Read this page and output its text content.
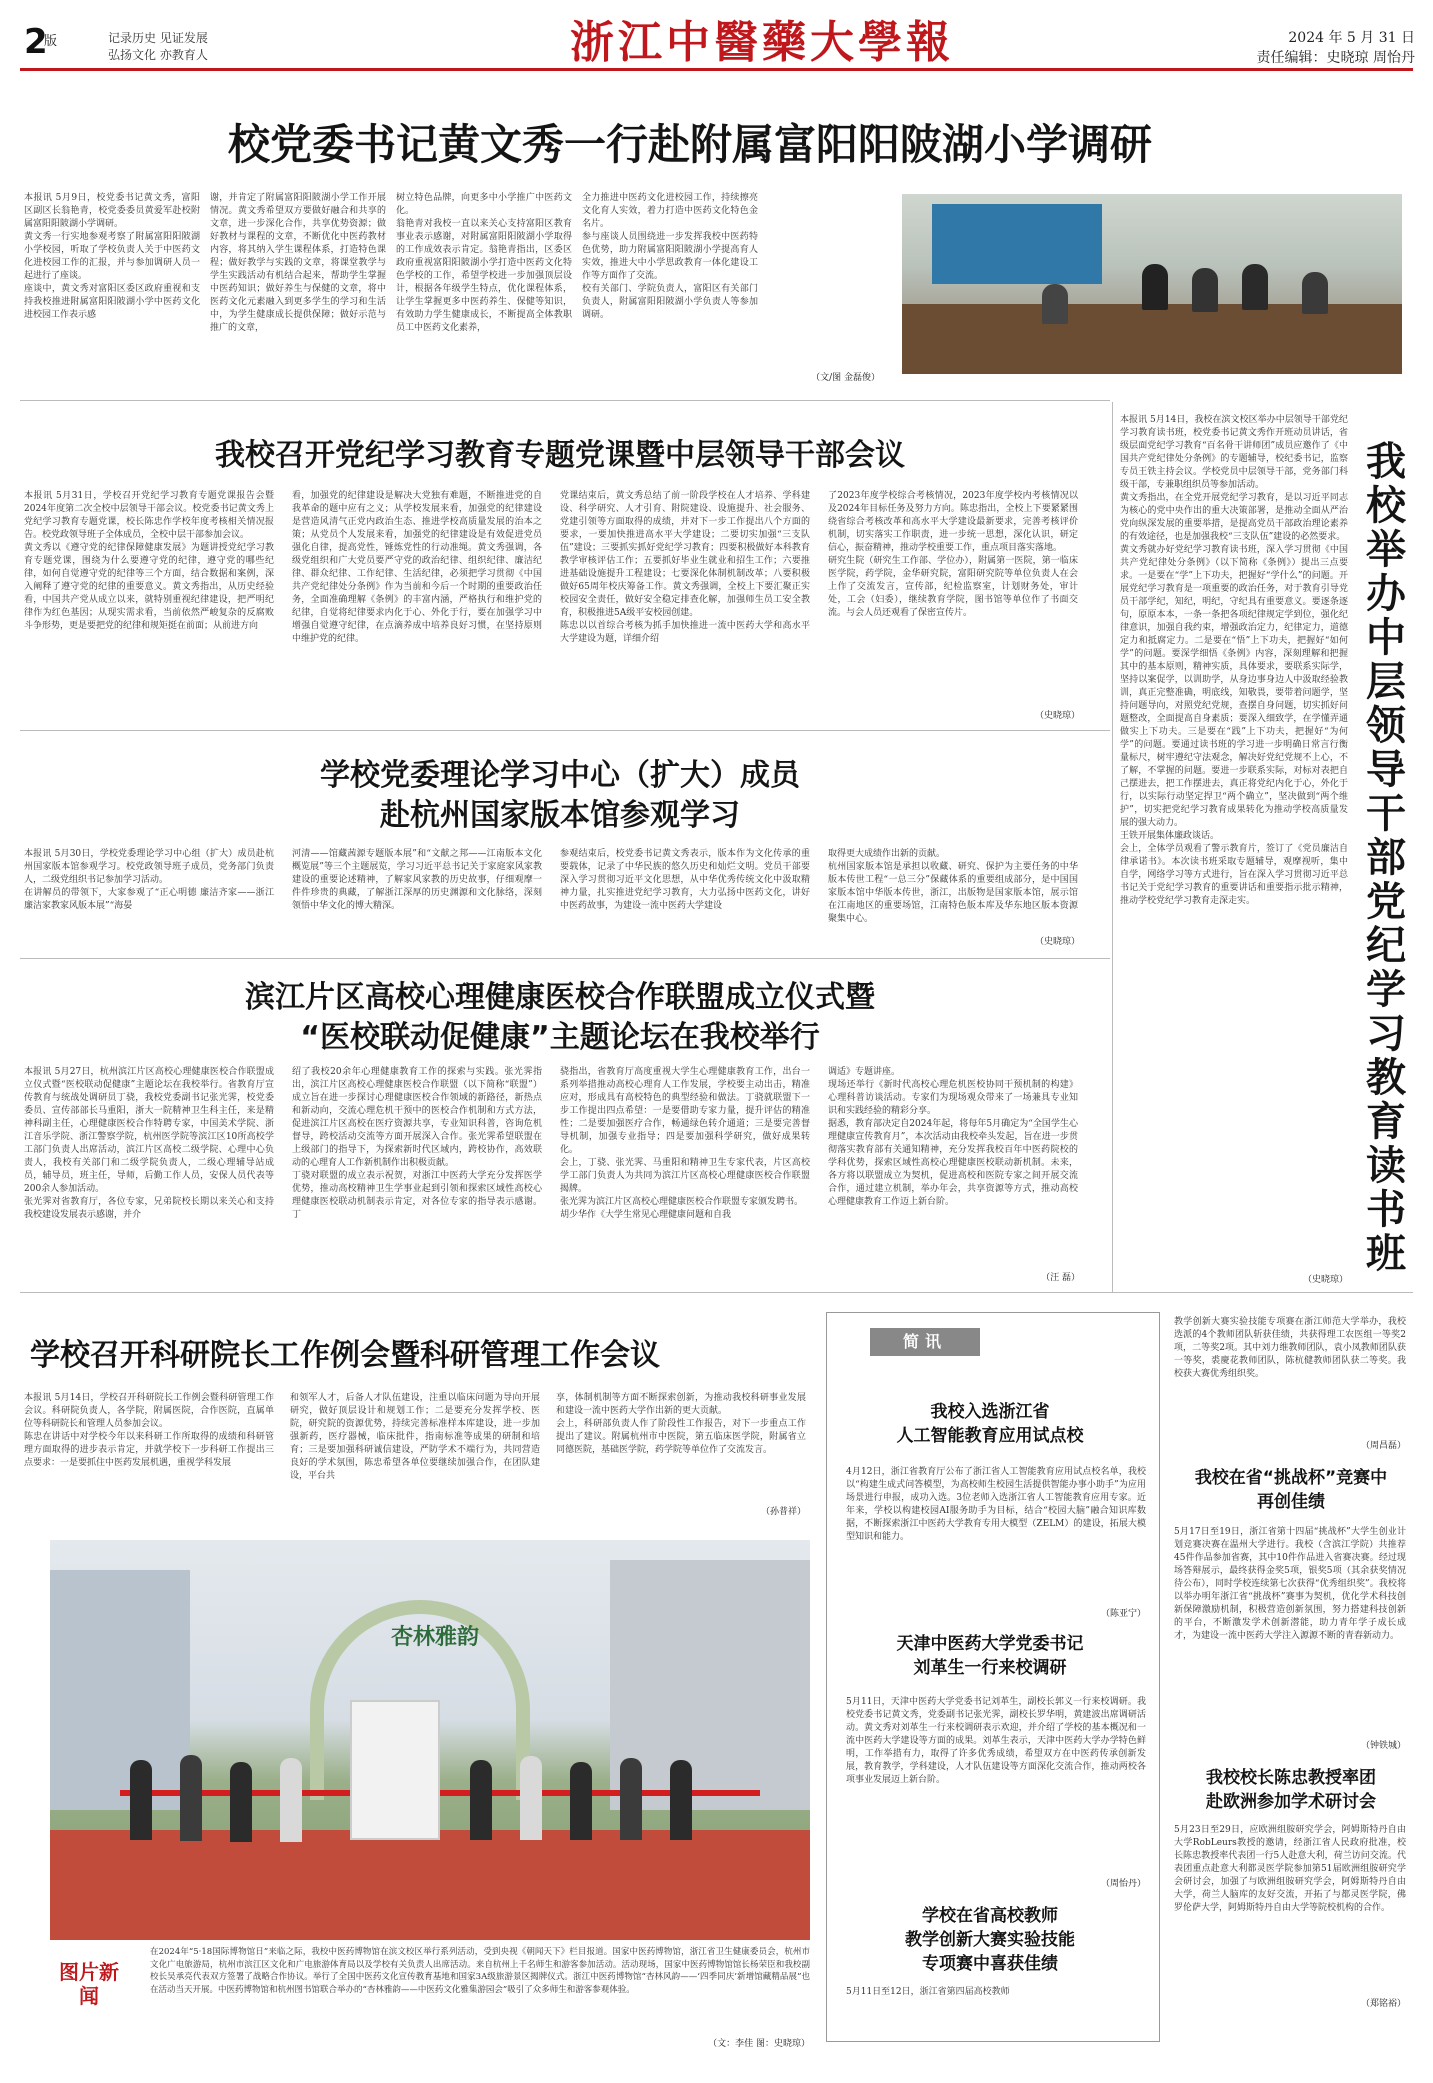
2
版	记录历史 见证发展
弘扬文化 亦教育人	浙江中醫藥大學報	2024 年 5 月 31 日
责任编辑：史晓琼 周怡丹
校党委书记黄文秀一行赴附属富阳阳陂湖小学调研
本报讯 5月9日，校党委书记黄文秀，富阳区副区长翁艳青，校党委委员黄爱军赴校附属富阳阳陂湖小学调研。
黄文秀一行实地参观考察了附属富阳阳陂湖小学校园，听取了学校负责人关于中医药文化进校园工作的汇报，并与参加调研人员一起进行了座谈。
座谈中，黄文秀对富阳区委区政府重视和支持我校推进附属富阳阳陂湖小学中医药文化进校园工作表示感
谢，并肯定了附属富阳阳陂湖小学工作开展情况。黄文秀希望双方要做好融合和共享的文章，进一步深化合作，共享优势资源；做好教材与课程的文章，不断优化中医药教材内容，将其纳入学生课程体系，打造特色课程；做好教学与实践的文章，将课堂教学与学生实践活动有机结合起来，帮助学生掌握中医药知识；做好养生与保健的文章，将中医药文化元素融入到更多学生的学习和生活中，为学生健康成长提供保障；做好示范与推广的文章，
树立特色品牌，向更多中小学推广中医药文化。
翁艳青对我校一直以来关心支持富阳区教育事业表示感谢，对附属富阳阳陂湖小学取得的工作成效表示肯定。翁艳青指出，区委区政府重视富阳阳陂湖小学打造中医药文化特色学校的工作，希望学校进一步加强顶层设计，根据各年级学生特点，优化课程体系，让学生掌握更多中医药养生、保健等知识，有效助力学生健康成长，不断提高全体教职员工中医药文化素养，
全力推进中医药文化进校园工作，持续擦亮文化育人实效，着力打造中医药文化特色金名片。
参与座谈人员围绕进一步发挥我校中医药特色优势，助力附属富阳阳陂湖小学提高育人实效，推进大中小学思政教育一体化建设工作等方面作了交流。
校有关部门、学院负责人，富阳区有关部门负责人，附属富阳阳陂湖小学负责人等参加调研。
（文/图 金磊俊）
我校召开党纪学习教育专题党课暨中层领导干部会议
本报讯 5月31日，学校召开党纪学习教育专题党课报告会暨2024年度第二次全校中层领导干部会议。校党委书记黄文秀上党纪学习教育专题党课，校长陈忠作学校年度考核相关情况报告。校党政领导班子全体成员，全校中层干部参加会议。
黄文秀以《遵守党的纪律保障健康发展》为题讲授党纪学习教育专题党课，围绕为什么要遵守党的纪律，遵守党的哪些纪律，如何自觉遵守党的纪律等三个方面，结合数据和案例，深入阐释了遵守党的纪律的重要意义。黄文秀指出，从历史经验看，中国共产党从成立以来，就特别重视纪律建设，把严明纪律作为红色基因；从现实需求看，当前依然严峻复杂的反腐败斗争形势，更是要把党的纪律和规矩挺在前面；从前进方向
看，加强党的纪律建设是解决大党独有难题，不断推进党的自我革命的题中应有之义；从学校发展来看，加强党的纪律建设是营造风清气正党内政治生态、推进学校高质量发展的治本之策；从党员个人发展来看，加强党的纪律建设是有效促进党员强化自律，提高党性，锤炼党性的行动准绳。黄文秀强调，各级党组织和广大党员要严守党的政治纪律、组织纪律、廉洁纪律、群众纪律、工作纪律、生活纪律，必须把学习贯彻《中国共产党纪律处分条例》作为当前和今后一个时期的重要政治任务，全面准确理解《条例》的丰富内涵，严格执行和维护党的纪律，自觉将纪律要求内化于心、外化于行，要在加强学习中增强自觉遵守纪律，在点滴养成中培养良好习惯，在坚持原则中维护党的纪律。
党课结束后，黄文秀总结了前一阶段学校在人才培养、学科建设、科学研究、人才引育、附院建设、设施提升、社会服务、党建引领等方面取得的成绩，并对下一步工作提出八个方面的要求，一要加快推进高水平大学建设；二要切实加强“三支队伍”建设；三要抓实抓好党纪学习教育；四要积极做好本科教育教学审核评估工作；五要抓好毕业生就业和招生工作；六要推进基础设施提升工程建设；七要深化体制机制改革；八要积极做好65周年校庆筹备工作。黄文秀强调，全校上下要汇聚正实校园安全责任，做好安全稳定排查化解，加强师生员工安全教育，积极推进5A级平安校园创建。
陈忠以以首综合考核为抓手加快推进一流中医药大学和高水平大学建设为题，详细介绍
了2023年度学校综合考核情况，2023年度学校内考核情况以及2024年目标任务及努力方向。陈忠指出，全校上下要紧紧围绕省综合考核改革和高水平大学建设最新要求，完善考核评价机制，切实落实工作职责，进一步统一思想，深化认识，研定信心，振奋精神，推动学校重要工作，重点项目落实落地。
研究生院（研究生工作部、学位办），附属第一医院，第一临床医学院，药学院，金华研究院，富阳研究院等单位负责人在会上作了交流发言，宣传部，纪检监察室，计划财务处，审计处，工会（妇委），继续教育学院，图书馆等单位作了书面交流。与会人员还观看了保密宣传片。
（史晓琼）
学校党委理论学习中心（扩大）成员
赴杭州国家版本馆参观学习
本报讯 5月30日，学校党委理论学习中心组（扩大）成员赴杭州国家版本馆参观学习。校党政领导班子成员，党务部门负责人，二级党组织书记参加学习活动。
在讲解员的带领下，大家参观了“正心明德 廉洁齐家——浙江廉洁家教家风版本展”“海晏
河清——馆藏茜源专题版本展”和“文献之邦——江南版本文化概览展”等三个主题展览，学习习近平总书记关于家庭家风家教建设的重要论述精神，了解家风家教的历史故事，仔细观摩一件件珍贵的典藏，了解浙江深厚的历史渊源和文化脉络，深刻领悟中华文化的博大精深。
参观结束后，校党委书记黄文秀表示，版本作为文化传承的重要载体，记录了中华民族的悠久历史和灿烂文明。党员干部要深入学习贯彻习近平文化思想，从中华优秀传统文化中汲取精神力量，扎实推进党纪学习教育，大力弘扬中医药文化，讲好中医药故事，为建设一流中医药大学建设
取得更大成绩作出新的贡献。
杭州国家版本馆是承担以收藏、研究、保护为主要任务的中华版本传世工程“一总三分”保藏体系的重要组成部分，是中国国家版本馆中华版本传世，浙江，出版物是国家版本馆，展示馆在江南地区的重要场馆，江南特色版本库及华东地区版本资源聚集中心。
（史晓琼）
滨江片区高校心理健康医校合作联盟成立仪式暨
“医校联动促健康”主题论坛在我校举行
本报讯 5月27日，杭州滨江片区高校心理健康医校合作联盟成立仪式暨“医校联动促健康”主题论坛在我校举行。省教育厅宣传教育与统战处调研员丁骁，我校党委副书记张光霁，校党委委员、宣传部部长马重阳，浙大一院精神卫生科主任，来是精神科副主任，心理健康医校合作特聘专家，中国美术学院、浙江音乐学院、浙江警察学院，杭州医学院等滨江区10所高校学工部门负责人出席活动，滨江片区高校二级学院、心理中心负责人，我校有关部门和二级学院负责人，二级心理辅导站成员，辅导员，班主任，导师，后勤工作人员，安保人员代表等200余人参加活动。
张光霁对省教育厅，各位专家，兄弟院校长期以来关心和支持我校建设发展表示感谢，并介
绍了我校20余年心理健康教育工作的探索与实践。张光霁指出，滨江片区高校心理健康医校合作联盟（以下简称“联盟”）成立旨在进一步探讨心理健康医校合作领域的新路径，新热点和新动向，交流心理危机干预中的医校合作机制和方式方法，促进滨江片区高校在医疗资源共享，专业知识科普，咨询危机督导，跨校活动交流等方面开展深入合作。张光霁希望联盟在上级部门的指导下，为探索新时代区域内，跨校协作，高效联动的心理育人工作新机制作出积极贡献。
丁骁对联盟的成立表示祝贺，对浙江中医药大学充分发挥医学优势，推动高校精神卫生学事业起到引领和探索区域性高校心理健康医校联动机制表示肯定，对各位专家的指导表示感谢。丁
骁指出，省教育厅高度重视大学生心理健康教育工作，出台一系列举措推动高校心理育人工作发展，学校要主动出击，精准应对，形成具有高校特色的典型经验和做法。丁骁就联盟下一步工作提出四点希望：一是要借助专家力量，提升评估的精准性；二是要加强医疗合作，畅通绿色转介通道；三是要完善督导机制，加强专业指导；四是要加强科学研究，做好成果转化。
会上，丁骁、张光霁、马重阳和精神卫生专家代表，片区高校学工部门负责人为共同为滨江片区高校心理健康医校合作联盟揭牌。
张光霁为滨江片区高校心理健康医校合作联盟专家颁发聘书。
胡少华作《大学生常见心理健康问题和自我
调适》专题讲座。
现场还举行《新时代高校心理危机医校协同干预机制的构建》心理科普访谈活动。专家们为现场观众带来了一场兼具专业知识和实践经验的精彩分享。
据悉，教育部决定自2024年起，将每年5月确定为“全国学生心理健康宣传教育月”，本次活动由我校牵头发起，旨在进一步贯彻落实教育部有关通知精神，充分发挥我校百年中医药院校的学科优势，探索区域性高校心理健康医校联动新机制。未来，各方将以联盟成立为契机，促进高校和医院专家之间开展交流合作，通过建立机制，举办年会，共享资源等方式，推动高校心理健康教育工作迈上新台阶。
（汪 磊）
本报讯 5月14日，我校在滨文校区举办中层领导干部党纪学习教育读书班，校党委书记黄文秀作开班动员讲话，省级层面党纪学习教育“百名骨干讲师团”成员应邀作了《中国共产党纪律处分条例》的专题辅导，校纪委书记，监察专员王铁主持会议。学校党员中层领导干部，党务部门科级干部，专兼职组织员等参加活动。
黄文秀指出，在全党开展党纪学习教育，是以习近平同志为核心的党中央作出的重大决策部署，是推动全面从严治党向纵深发展的重要举措，是提高党员干部政治理论素养的有效途径，也是加强我校“三支队伍”建设的必然要求。
黄文秀就办好党纪学习教育读书班，深入学习贯彻《中国共产党纪律处分条例》（以下简称《条例》）提出三点要求。一是要在“学”上下功夫，把握好“学什么”的问题。开展党纪学习教育是一项重要的政治任务，对于教育引导党员干部学纪，知纪，明纪，守纪具有重要意义。要逐条逐句，原原本本，一条一条把各项纪律规定学到位，强化纪律意识，加强自我约束，增强政治定力，纪律定力，道德定力和抵腐定力。二是要在“悟”上下功夫，把握好“如何学”的问题。要深学细悟《条例》内容，深刻理解和把握其中的基本原则，精神实质，具体要求，要联系实际学，坚持以案促学，以训助学，从身边事身边人中汲取经验教训，真正完整准确，明底线，知敬畏，要带着问题学，坚持问题导向，对照党纪党规，查摆自身问题，切实抓好问题整改，全面提高自身素质；要深入细致学，在学懂弄通做实上下功夫。三是要在“践”上下功夫，把握好“为何学”的问题。要通过读书班的学习进一步明确日常言行衡量标尺，树牢遵纪守法观念，解决好党纪党规不上心，不了解，不掌握的问题。要进一步联系实际，对标对表把自己摆进去，把工作摆进去，真正将党纪内化于心，外化于行，以实际行动坚定捍卫“两个确立”，坚决做到“两个维护”，切实把党纪学习教育成果转化为推动学校高质量发展的强大动力。
王铁开展集体廉政谈话。
会上，全体学员观看了警示教育片，签订了《党员廉洁自律承诺书》。本次读书班采取专题辅导，观摩视听，集中自学，网络学习等方式进行，旨在深入学习贯彻习近平总书记关于党纪学习教育的重要讲话和重要指示批示精神，推动学校党纪学习教育走深走实。
（史晓琼）
我校举办中层领导干部党纪学习教育读书班
学校召开科研院长工作例会暨科研管理工作会议
本报讯 5月14日，学校召开科研院长工作例会暨科研管理工作会议。科研院负责人，各学院，附属医院，合作医院，直属单位等科研院长和管理人员参加会议。
陈忠在讲话中对学校今年以来科研工作所取得的成绩和科研管理方面取得的进步表示肯定，并就学校下一步科研工作提出三点要求：一是要抓住中医药发展机遇，重视学科发展
和领军人才，后备人才队伍建设，注重以临床问题为导向开展研究，做好顶层设计和规划工作；二是要充分发挥学校、医院，研究院的资源优势，持续完善标准样本库建设，进一步加强新药，医疗器械，临床批件，指南标准等成果的研制和培育；三是要加强科研诚信建设，严防学术不端行为，共同营造良好的学术氛围，陈忠希望各单位要继续加强合作，在团队建设，平台共
享，体制机制等方面不断探索创新，为推动我校科研事业发展和建设一流中医药大学作出新的更大贡献。
会上，科研部负责人作了阶段性工作报告，对下一步重点工作提出了建议。附属杭州市中医院，第五临床医学院，附属省立同德医院，基础医学院，药学院等单位作了交流发言。
（孙普祥）
杏林雅韵
图片新闻
在2024年“5·18国际博物馆日”来临之际，我校中医药博物馆在滨文校区举行系列活动，受到央视《朝闻天下》栏目报道。国家中医药博物馆，浙江省卫生健康委员会，杭州市文化广电旅游局，杭州市滨江区文化和广电旅游体育局以及学校有关负责人出席活动。来自杭州上千名师生和游客参加活动。活动现场，国家中医药博物馆馆长杨荣臣和我校副校长吴承亮代表双方签署了战略合作协议。举行了全国中医药文化宣传教育基地和国家3A级旅游景区揭牌仪式。浙江中医药博物馆“杏林风韵——‘四季同庆’新增馆藏精品展”也在活动当天开展。中医药博物馆和杭州图书馆联合举办的“杏林雅韵——中医药文化雅集游园会”吸引了众多师生和游客参观体验。
（文：李佳 图：史晓琼）
简讯
我校入选浙江省
人工智能教育应用试点校
4月12日，浙江省教育厅公布了浙江省人工智能教育应用试点校名单，我校以“构建生成式问答模型，为高校师生校园生活提供智能办事小助手”为应用场景进行申报，成功入选。3位老师入选浙江省人工智能教育应用专家。近年来，学校以构建校园AI服务助手为目标，结合“校园大脑”融合知识库数据，不断探索浙江中医药大学教育专用大模型（ZELM）的建设，拓展大模型知识和能力。
（陈亚宁）
天津中医药大学党委书记
刘革生一行来校调研
5月11日，天津中医药大学党委书记刘革生，副校长郭义一行来校调研。我校党委书记黄文秀，党委副书记张光霁，副校长罗华明，黄建波出席调研活动。黄文秀对刘革生一行来校调研表示欢迎，并介绍了学校的基本概况和一流中医药大学建设等方面的成果。刘革生表示，天津中医药大学办学特色鲜明，工作举措有力，取得了许多优秀成绩，希望双方在中医药传承创新发展，教育教学，学科建设，人才队伍建设等方面深化交流合作，推动两校各项事业发展迈上新台阶。
（周怡丹）
学校在省高校教师
教学创新大赛实验技能
专项赛中喜获佳绩
5月11日至12日，浙江省第四届高校教师
教学创新大赛实验技能专项赛在浙江师范大学举办，我校选派的4个教师团队斩获佳绩，共获得理工农医组一等奖2项，二等奖2项。其中刘力维教师团队，袁小凤教师团队获一等奖，裘慶花教师团队，陈杭健教师团队获二等奖。我校获大赛优秀组织奖。
（周昌磊）
我校在省“挑战杯”竞赛中
再创佳绩
5月17日至19日，浙江省第十四届“挑战杯”大学生创业计划竞赛决赛在温州大学进行。我校（含滨江学院）共推荐45件作品参加省赛，其中10件作品进入省赛决赛。经过现场答辩展示，最终获得金奖5项，银奖5项（其余获奖情况待公布），同时学校连续第七次获得“优秀组织奖”。我校将以举办明年浙江省“挑战杯”赛事为契机，优化学术科技创新保障激励机制，积极营造创新氛围，努力搭建科技创新的平台，不断激发学术创新潜能，助力青年学子成长成才，为建设一流中医药大学注入源源不断的青春新动力。
（钟铁城）
我校校长陈忠教授率团
赴欧洲参加学术研讨会
5月23日至29日，应欧洲组胺研究学会，阿姆斯特丹自由大学RobLeurs教授的邀请，经浙江省人民政府批准，校长陈忠教授率代表团一行5人赴意大利，荷兰访问交流。代表团重点赴意大利都灵医学院参加第51届欧洲组胺研究学会研讨会，加强了与欧洲组胺研究学会，阿姆斯特丹自由大学，荷兰人脑库的友好交流，开拓了与都灵医学院，佛罗伦萨大学，阿姆斯特丹自由大学等院校机构的合作。
（郑铭裕）
